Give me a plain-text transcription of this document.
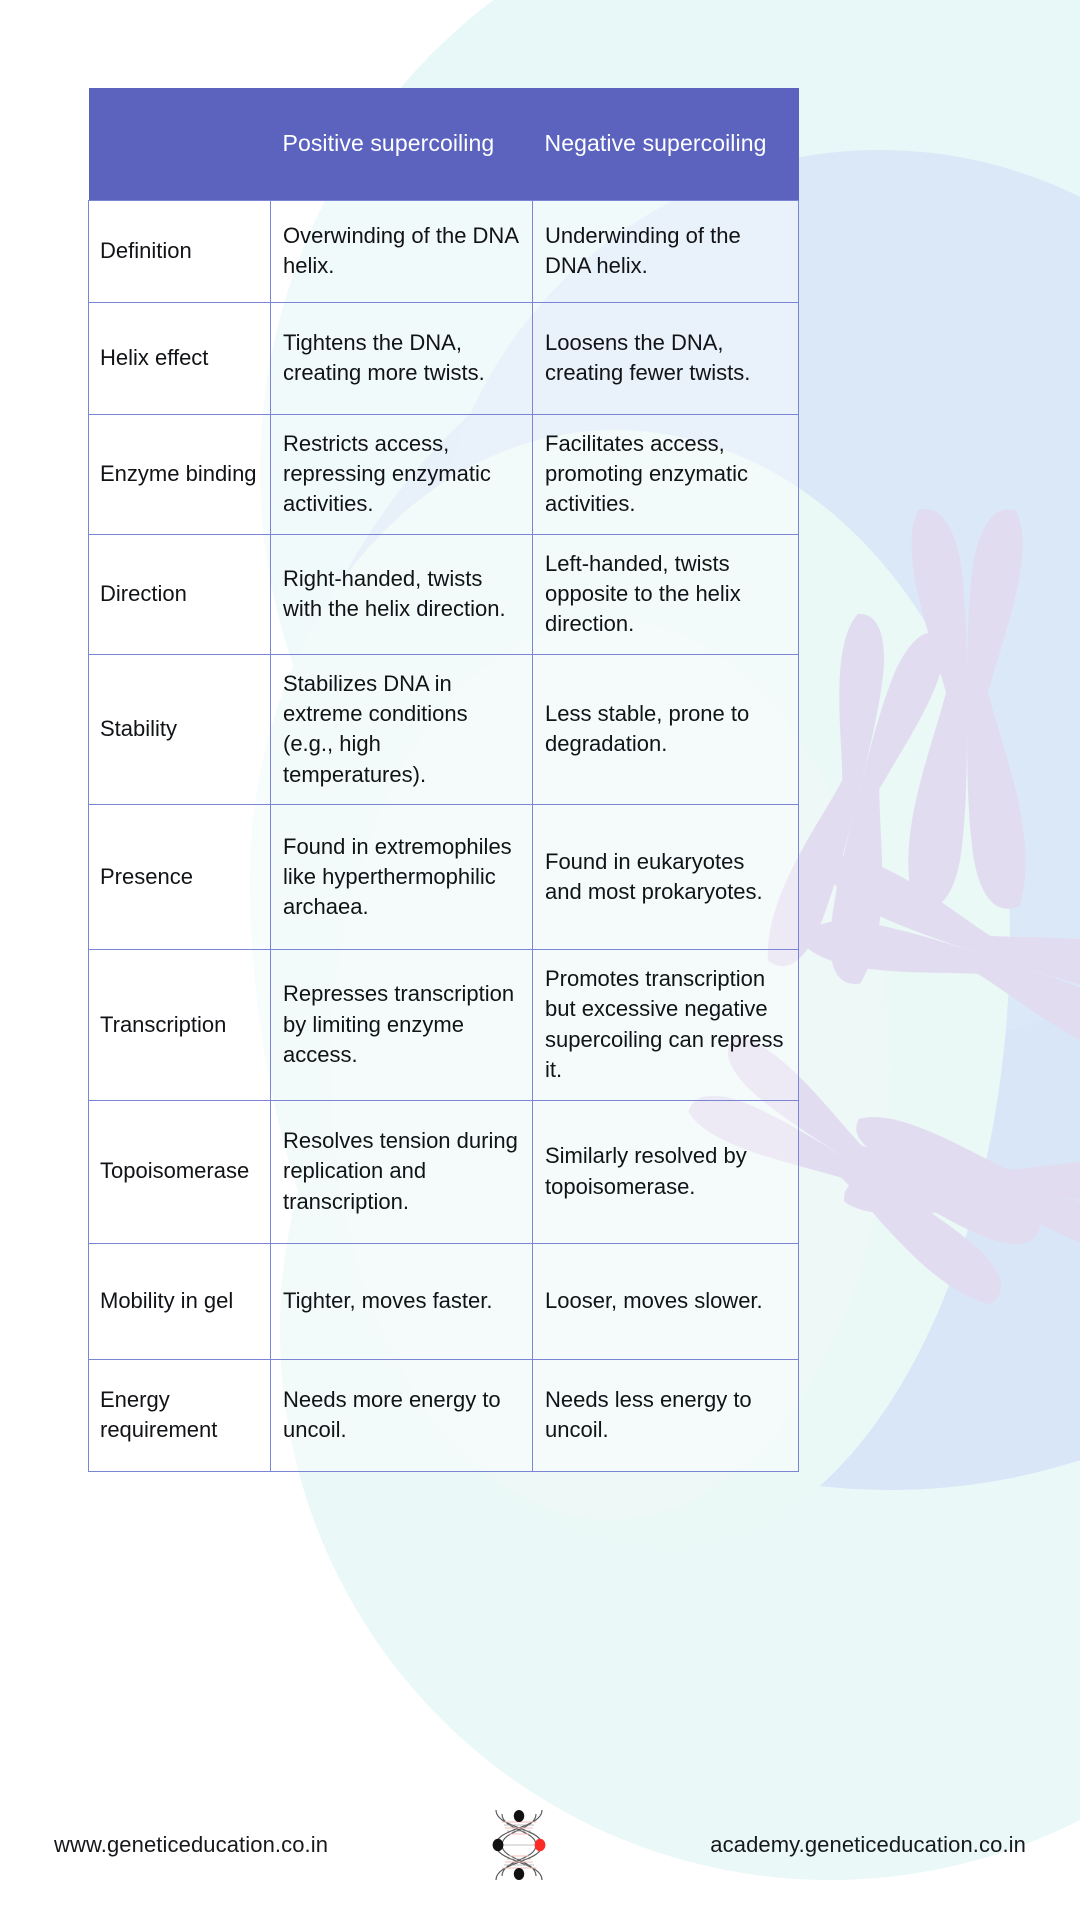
	Positive supercoiling	Negative supercoiling
Definition	Overwinding of the DNA helix.	Underwinding of the DNA helix.
Helix effect	Tightens the DNA, creating more twists.	Loosens the DNA, creating fewer twists.
Enzyme binding	Restricts access, repressing enzymatic activities.	Facilitates access, promoting enzymatic activities.
Direction	Right-handed, twists with the helix direction.	Left-handed, twists opposite to the helix direction.
Stability	Stabilizes DNA in extreme conditions (e.g., high temperatures).	Less stable, prone to degradation.
Presence	Found in extremophiles like hyperthermophilic archaea.	Found in eukaryotes and most prokaryotes.
Transcription	Represses transcription by limiting enzyme access.	Promotes transcription but excessive negative supercoiling can repress it.
Topoisomerase	Resolves tension during replication and transcription.	Similarly resolved by topoisomerase.
Mobility in gel	Tighter, moves faster.	Looser, moves slower.
Energy requirement	Needs more energy to uncoil.	Needs less energy to uncoil.
www.geneticeducation.co.in	academy.geneticeducation.co.in
